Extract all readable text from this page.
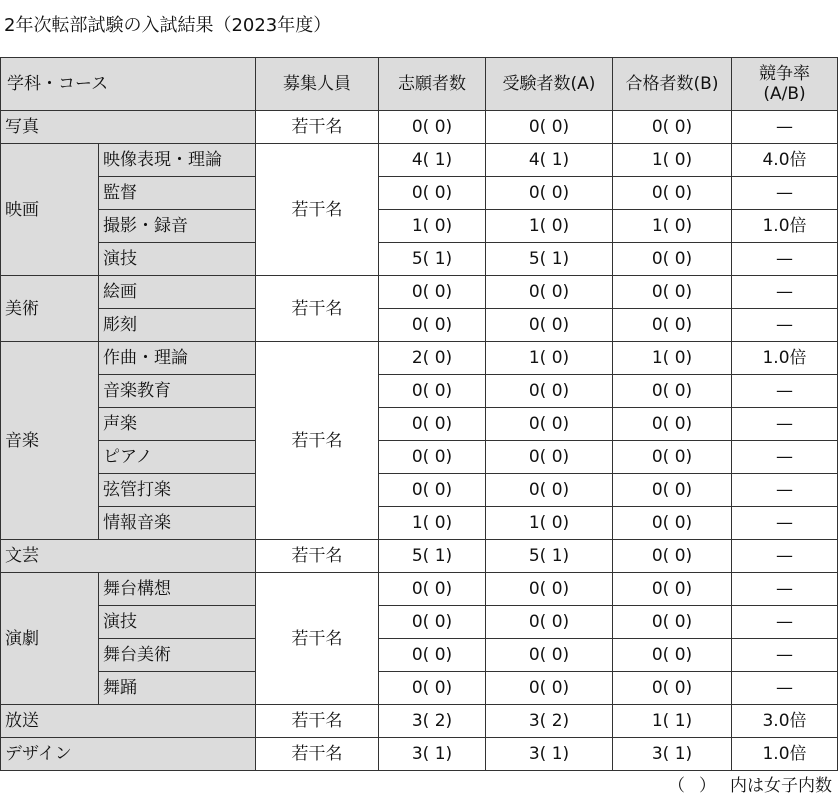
2年次転部試験の入試結果（2023年度）
学科・コース		募集人員	志願者数	受験者数(A)	合格者数(B)	競争率
(A/B)

写真		若干名	0( 0)	0( 0)	0( 0)	—
映画	映像表現・理論	若干名	4( 1)	4( 1)	1( 0)	4.0倍
	監督		0( 0)	0( 0)	0( 0)	—
	撮影・録音		1( 0)	1( 0)	1( 0)	1.0倍
	演技		5( 1)	5( 1)	0( 0)	—
美術	絵画	若干名	0( 0)	0( 0)	0( 0)	—
	彫刻		0( 0)	0( 0)	0( 0)	—
音楽	作曲・理論	若干名	2( 0)	1( 0)	1( 0)	1.0倍
	音楽教育		0( 0)	0( 0)	0( 0)	—
	声楽		0( 0)	0( 0)	0( 0)	—
	ピアノ		0( 0)	0( 0)	0( 0)	—
	弦管打楽		0( 0)	0( 0)	0( 0)	—
	情報音楽		1( 0)	1( 0)	0( 0)	—
文芸		若干名	5( 1)	5( 1)	0( 0)	—
演劇	舞台構想	若干名	0( 0)	0( 0)	0( 0)	—
	演技		0( 0)	0( 0)	0( 0)	—
	舞台美術		0( 0)	0( 0)	0( 0)	—
	舞踊		0( 0)	0( 0)	0( 0)	—
放送		若干名	3( 2)	3( 2)	1( 1)	3.0倍
デザイン		若干名	3( 1)	3( 1)	3( 1)	1.0倍
（）内は女子内数
